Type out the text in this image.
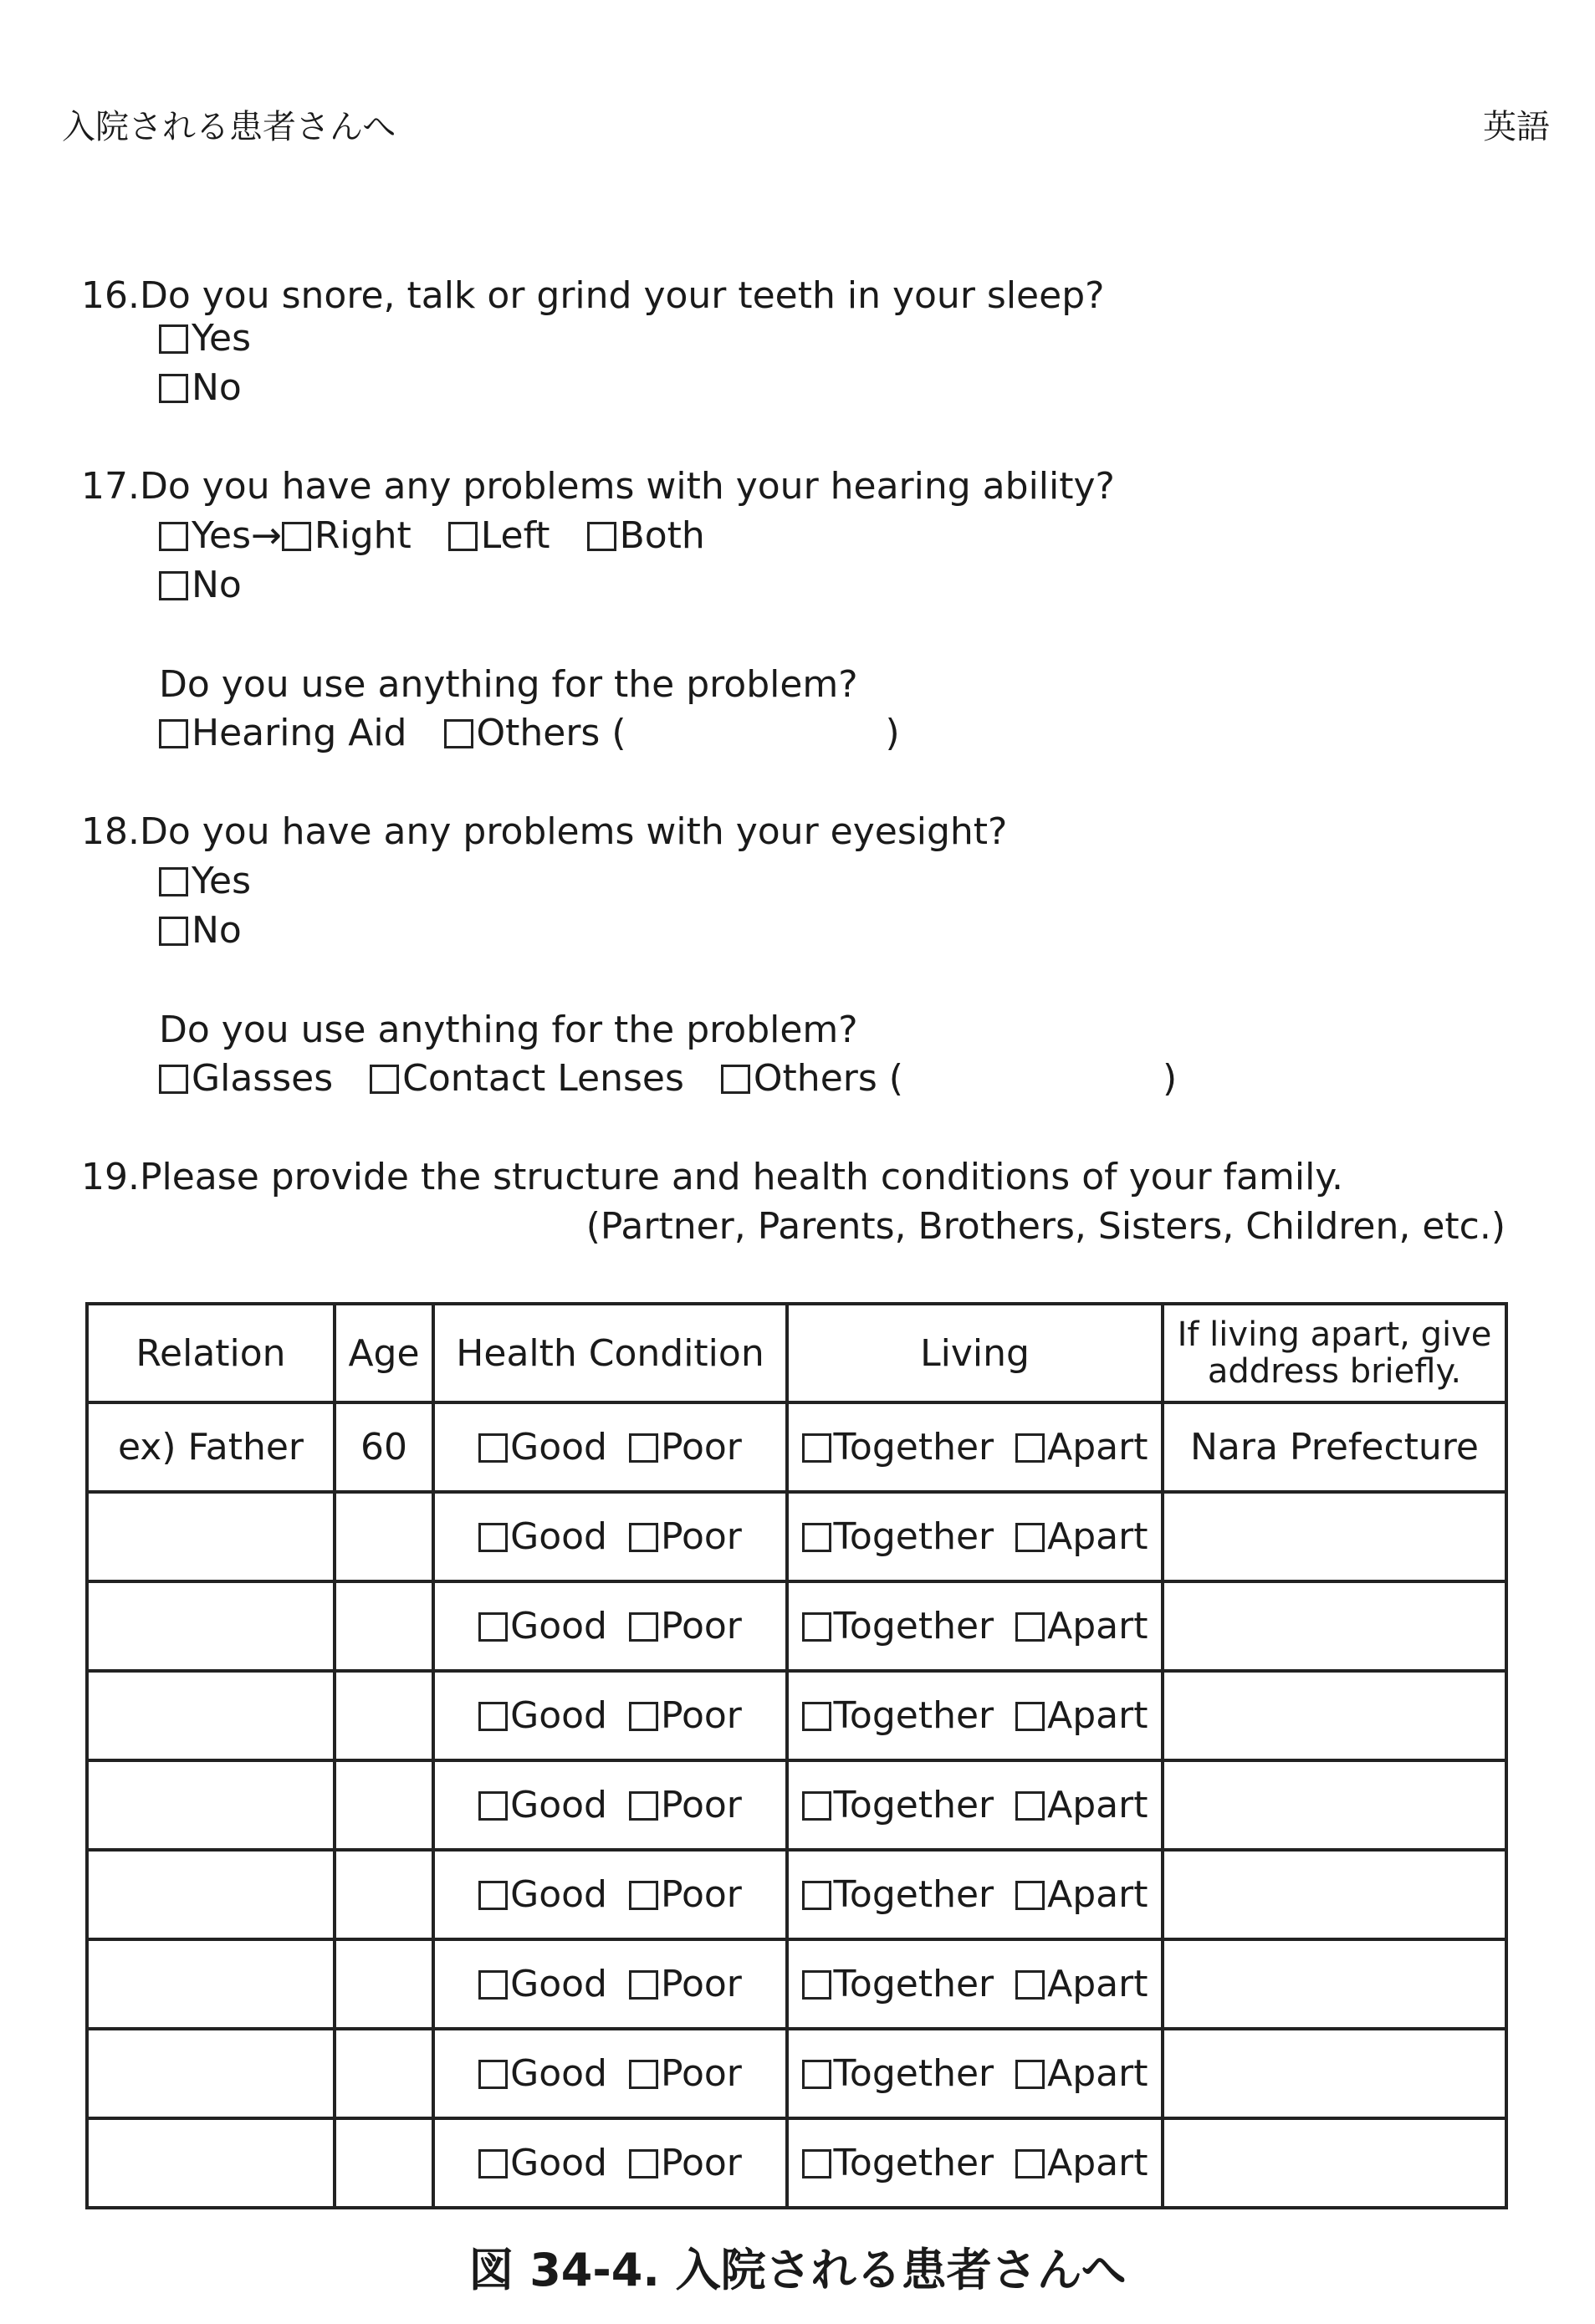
入院される患者さんへ	英語
16.Do you snore, talk or grind your teeth in your sleep?
Yes
No
17.Do you have any problems with your hearing ability?
Yes→ Right Left Both
No
Do you use anything for the problem?
Hearing Aid Others (	)
18.Do you have any problems with your eyesight?
Yes
No
Do you use anything for the problem?
Glasses Contact Lenses Others (	)
19.Please provide the structure and health conditions of your family.
(Partner, Parents, Brothers, Sisters, Children, etc.)
Relation	Age	Health Condition	Living	If living apart, give address briefly.
ex) Father	60	Good Poor	Together Apart	Nara Prefecture
		Good Poor	Together Apart	
		Good Poor	Together Apart	
		Good Poor	Together Apart	
		Good Poor	Together Apart	
		Good Poor	Together Apart	
		Good Poor	Together Apart	
		Good Poor	Together Apart	
		Good Poor	Together Apart	
図 34-4. 入院される患者さんへ
